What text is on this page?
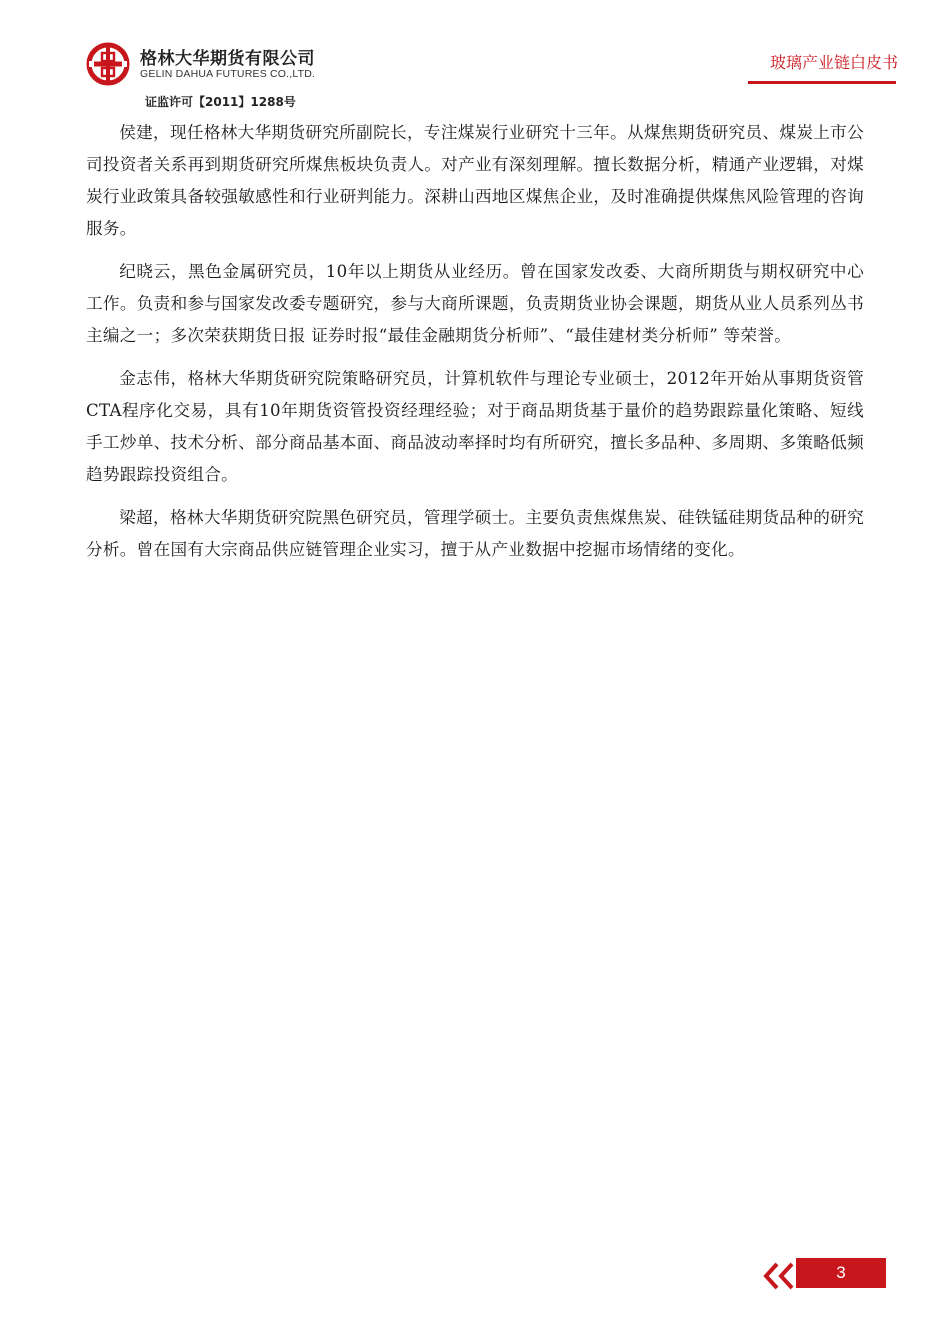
格林大华期货有限公司
GELIN DAHUA FUTURES CO.,LTD.
证监许可【2011】1288号
玻璃产业链白皮书

侯建，现任格林大华期货研究所副院长，专注煤炭行业研究十三年。从煤焦期货研究员、煤炭上市公司投资者关系再到期货研究所煤焦板块负责人。对产业有深刻理解。擅长数据分析，精通产业逻辑，对煤炭行业政策具备较强敏感性和行业研判能力。深耕山西地区煤焦企业，及时准确提供煤焦风险管理的咨询服务。

纪晓云，黑色金属研究员，10年以上期货从业经历。曾在国家发改委、大商所期货与期权研究中心工作。负责和参与国家发改委专题研究，参与大商所课题，负责期货业协会课题，期货从业人员系列丛书主编之一；多次荣获期货日报 证券时报“最佳金融期货分析师”、“最佳建材类分析师” 等荣誉。

金志伟，格林大华期货研究院策略研究员，计算机软件与理论专业硕士，2012年开始从事期货资管CTA程序化交易，具有10年期货资管投资经理经验；对于商品期货基于量价的趋势跟踪量化策略、短线手工炒单、技术分析、部分商品基本面、商品波动率择时均有所研究，擅长多品种、多周期、多策略低频趋势跟踪投资组合。

梁超，格林大华期货研究院黑色研究员，管理学硕士。主要负责焦煤焦炭、硅铁锰硅期货品种的研究分析。曾在国有大宗商品供应链管理企业实习，擅于从产业数据中挖掘市场情绪的变化。

3
